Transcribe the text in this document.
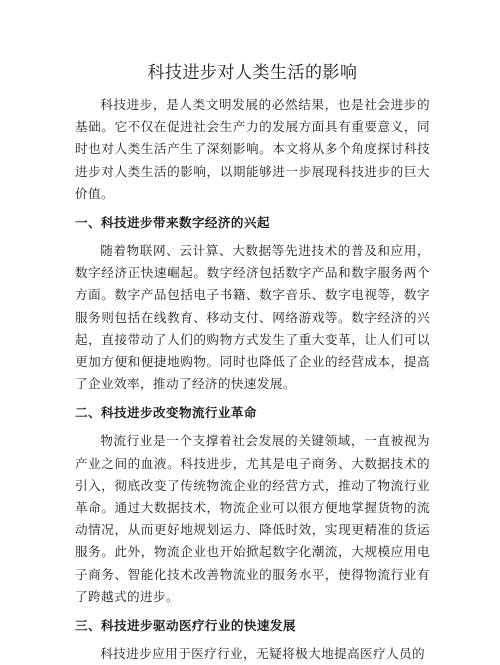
科技进步对人类生活的影响

科技进步，是人类文明发展的必然结果，也是社会进步的基础。它不仅在促进社会生产力的发展方面具有重要意义，同时也对人类生活产生了深刻影响。本文将从多个角度探讨科技进步对人类生活的影响，以期能够进一步展现科技进步的巨大价值。

一、科技进步带来数字经济的兴起

随着物联网、云计算、大数据等先进技术的普及和应用，数字经济正快速崛起。数字经济包括数字产品和数字服务两个方面。数字产品包括电子书籍、数字音乐、数字电视等，数字服务则包括在线教育、移动支付、网络游戏等。数字经济的兴起，直接带动了人们的购物方式发生了重大变革，让人们可以更加方便和便捷地购物。同时也降低了企业的经营成本，提高了企业效率，推动了经济的快速发展。

二、科技进步改变物流行业革命

物流行业是一个支撑着社会发展的关键领域，一直被视为产业之间的血液。科技进步，尤其是电子商务、大数据技术的引入，彻底改变了传统物流企业的经营方式，推动了物流行业革命。通过大数据技术，物流企业可以很方便地掌握货物的流动情况，从而更好地规划运力、降低时效，实现更精准的货运服务。此外，物流企业也开始掀起数字化潮流，大规模应用电子商务、智能化技术改善物流业的服务水平，使得物流行业有了跨越式的进步。

三、科技进步驱动医疗行业的快速发展

科技进步应用于医疗行业，无疑将极大地提高医疗人员的
